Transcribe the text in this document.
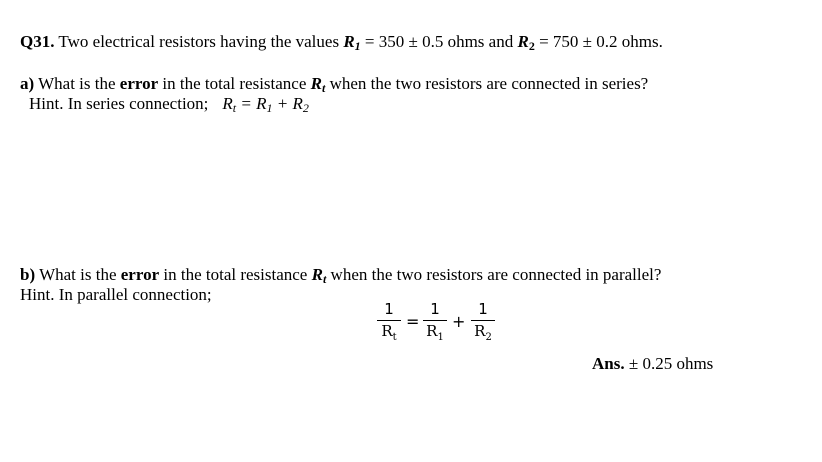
Q31. Two electrical resistors having the values R1 = 350 ± 0.5 ohms and R2 = 750 ± 0.2 ohms.
a) What is the error in the total resistance Rt when the two resistors are connected in series?
Hint. In series connection; Rt = R1 + R2
b) What is the error in the total resistance Rt when the two resistors are connected in parallel?
Hint. In parallel connection;
1
$R_t$
=
1
$R_1$
+
1
$R_2$
Ans. ± 0.25 ohms
